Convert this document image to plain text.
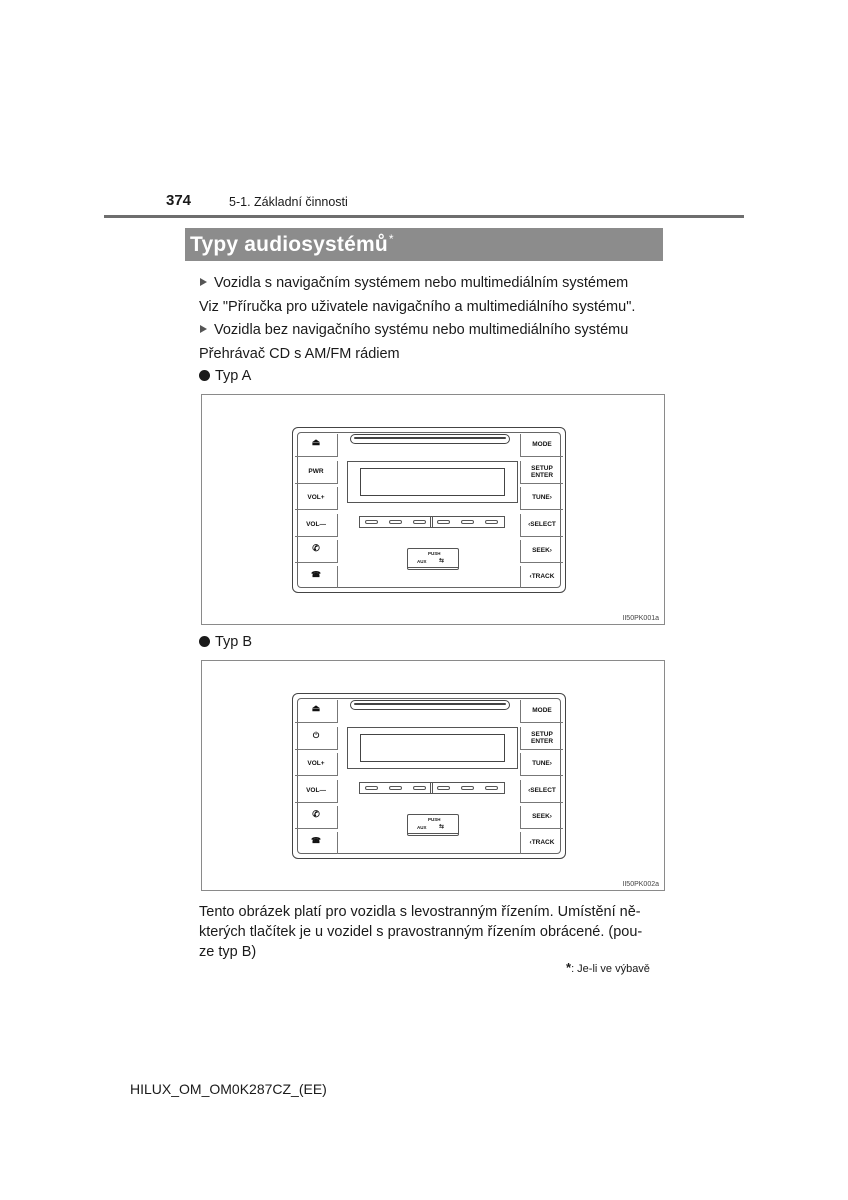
374	5-1. Základní činnosti
Typy audiosystémů*
Vozidla s navigačním systémem nebo multimediálním systémem
Viz "Příručka pro uživatele navigačního a multimediálního systému".
Vozidla bez navigačního systému nebo multimediálního systému
Přehrávač CD s AM/FM rádiem
Typ A
⏏
PWR
VOL+
VOL—
✆
☎
MODE
SETUP
ENTER
TUNE›
‹SELECT
SEEK›
‹TRACK
PUSH
AUX ⇆
II50PK001a
Typ B
⏏
⏻
VOL+
VOL—
✆
☎
MODE
SETUP
ENTER
TUNE›
‹SELECT
SEEK›
‹TRACK
PUSH
AUX ⇆
II50PK002a
Tento obrázek platí pro vozidla s levostranným řízením. Umístění ně-
kterých tlačítek je u vozidel s pravostranným řízením obrácené. (pou-
ze typ B)
*: Je-li ve výbavě
HILUX_OM_OM0K287CZ_(EE)
